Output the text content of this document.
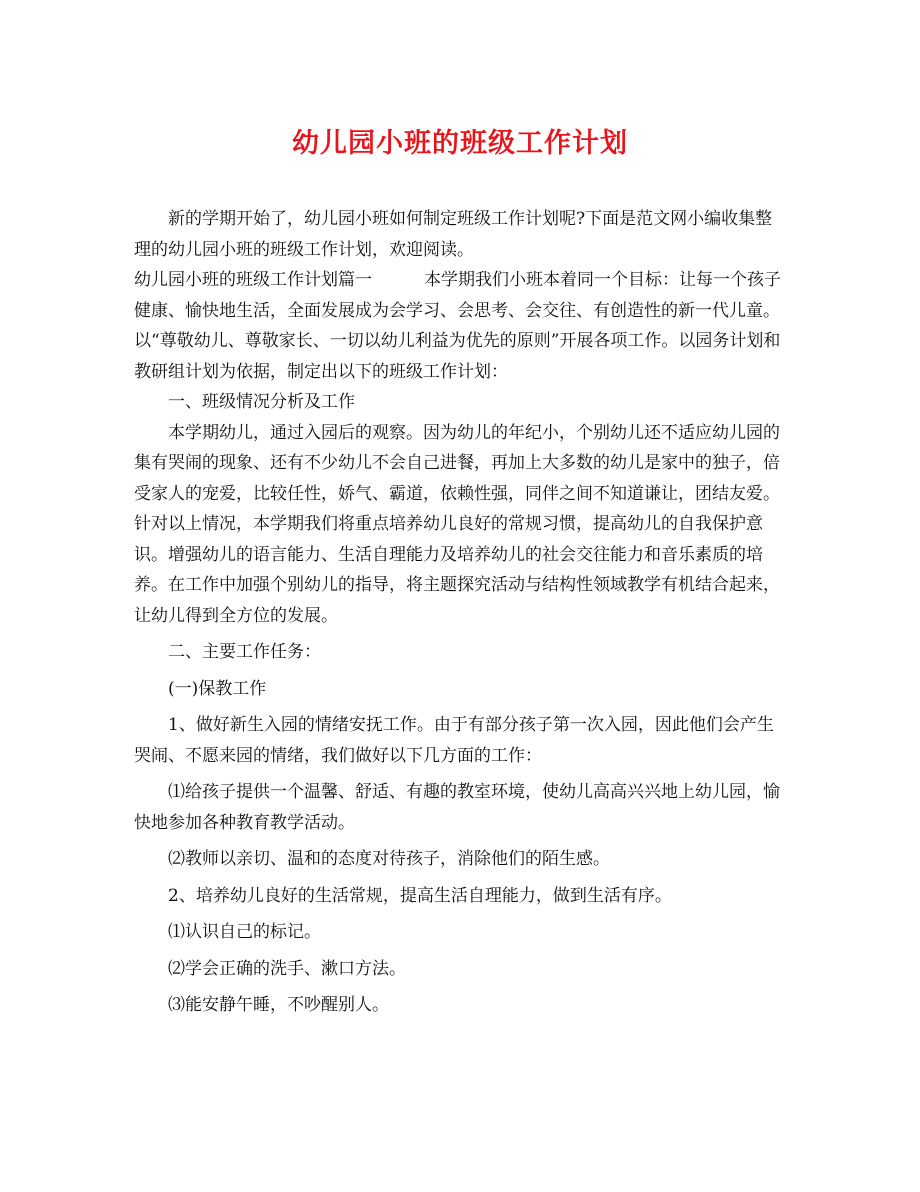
幼儿园小班的班级工作计划

新的学期开始了，幼儿园小班如何制定班级工作计划呢?下面是范文网小编收集整理的幼儿园小班的班级工作计划，欢迎阅读。

幼儿园小班的班级工作计划篇一	本学期我们小班本着同一个目标：让每一个孩子健康、愉快地生活，全面发展成为会学习、会思考、会交往、有创造性的新一代儿童。以“尊敬幼儿、尊敬家长、一切以幼儿利益为优先的原则”开展各项工作。以园务计划和教研组计划为依据，制定出以下的班级工作计划：

一、班级情况分析及工作

本学期幼儿，通过入园后的观察。因为幼儿的年纪小，个别幼儿还不适应幼儿园的集有哭闹的现象、还有不少幼儿不会自己进餐，再加上大多数的幼儿是家中的独子，倍受家人的宠爱，比较任性，娇气、霸道，依赖性强，同伴之间不知道谦让，团结友爱。针对以上情况，本学期我们将重点培养幼儿良好的常规习惯，提高幼儿的自我保护意识。增强幼儿的语言能力、生活自理能力及培养幼儿的社会交往能力和音乐素质的培养。在工作中加强个别幼儿的指导，将主题探究活动与结构性领域教学有机结合起来，让幼儿得到全方位的发展。

二、主要工作任务：

(一)保教工作

1、做好新生入园的情绪安抚工作。由于有部分孩子第一次入园，因此他们会产生哭闹、不愿来园的情绪，我们做好以下几方面的工作：

⑴给孩子提供一个温馨、舒适、有趣的教室环境，使幼儿高高兴兴地上幼儿园，愉快地参加各种教育教学活动。

⑵教师以亲切、温和的态度对待孩子，消除他们的陌生感。

2、培养幼儿良好的生活常规，提高生活自理能力，做到生活有序。

⑴认识自己的标记。

⑵学会正确的洗手、漱口方法。

⑶能安静午睡，不吵醒别人。
